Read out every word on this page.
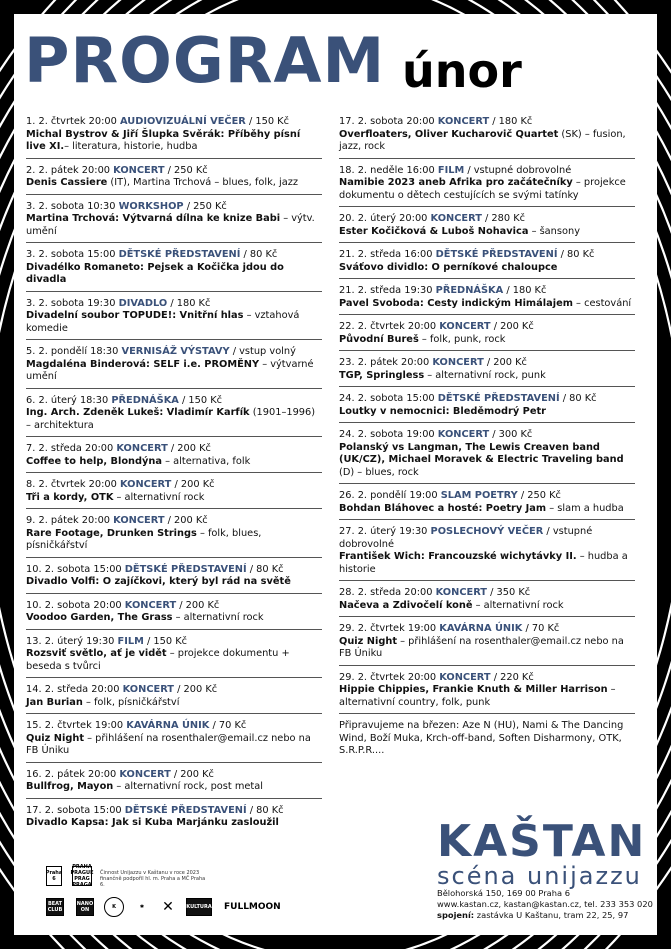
PROGRAM únor
1. 2. čtvrtek 20:00 AUDIOVIZUÁLNÍ VEČER / 150 Kč
Michal Bystrov & Jiří Šlupka Svěrák: Příběhy písní live XI.– literatura, historie, hudba
2. 2. pátek 20:00 KONCERT / 250 Kč
Denis Cassiere (IT), Martina Trchová – blues, folk, jazz
3. 2. sobota 10:30 WORKSHOP / 250 Kč
Martina Trchová: Výtvarná dílna ke knize Babi – výtv. umění
3. 2. sobota 15:00 DĚTSKÉ PŘEDSTAVENÍ / 80 Kč
Divadélko Romaneto: Pejsek a Kočička jdou do divadla
3. 2. sobota 19:30 DIVADLO / 180 Kč
Divadelní soubor TOPUDE!: Vnitřní hlas – vztahová komedie
5. 2. pondělí 18:30 VERNISÁŽ VÝSTAVY / vstup volný
Magdaléna Binderová: SELF i.e. PROMĚNY – výtvarné umění
6. 2. úterý 18:30 PŘEDNÁŠKA / 150 Kč
Ing. Arch. Zdeněk Lukeš: Vladimír Karfík (1901–1996) – architektura
7. 2. středa 20:00 KONCERT / 200 Kč
Coffee to help, Blondýna – alternativa, folk
8. 2. čtvrtek 20:00 KONCERT / 200 Kč
Tři a kordy, OTK – alternativní rock
9. 2. pátek 20:00 KONCERT / 200 Kč
Rare Footage, Drunken Strings – folk, blues, písničkářství
10. 2. sobota 15:00 DĚTSKÉ PŘEDSTAVENÍ / 80 Kč
Divadlo Volfi: O zajíčkovi, který byl rád na světě
10. 2. sobota 20:00 KONCERT / 200 Kč
Voodoo Garden, The Grass – alternativní rock
13. 2. úterý 19:30 FILM / 150 Kč
Rozsviť světlo, ať je vidět – projekce dokumentu + beseda s tvůrci
14. 2. středa 20:00 KONCERT / 200 Kč
Jan Burian – folk, písničkářství
15. 2. čtvrtek 19:00 KAVÁRNA ÚNIK / 70 Kč
Quiz Night – přihlášení na rosenthaler@email.cz nebo na FB Úniku
16. 2. pátek 20:00 KONCERT / 200 Kč
Bullfrog, Mayon – alternativní rock, post metal
17. 2. sobota 15:00 DĚTSKÉ PŘEDSTAVENÍ / 80 Kč
Divadlo Kapsa: Jak si Kuba Marjánku zasloužil
17. 2. sobota 20:00 KONCERT / 180 Kč
Overfloaters, Oliver Kucharovič Quartet (SK) – fusion, jazz, rock
18. 2. neděle 16:00 FILM / vstupné dobrovolné
Namibie 2023 aneb Afrika pro začátečníky – projekce dokumentu o dětech cestujících se svými tatínky
20. 2. úterý 20:00 KONCERT / 280 Kč
Ester Kočičková & Luboš Nohavica – šansony
21. 2. středa 16:00 DĚTSKÉ PŘEDSTAVENÍ / 80 Kč
Sváťovo dividlo: O perníkové chaloupce
21. 2. středa 19:30 PŘEDNÁŠKA / 180 Kč
Pavel Svoboda: Cesty indickým Himálajem – cestování
22. 2. čtvrtek 20:00 KONCERT / 200 Kč
Původní Bureš – folk, punk, rock
23. 2. pátek 20:00 KONCERT / 200 Kč
TGP, Springless – alternativní rock, punk
24. 2. sobota 15:00 DĚTSKÉ PŘEDSTAVENÍ / 80 Kč
Loutky v nemocnici: Bleděmodrý Petr
24. 2. sobota 19:00 KONCERT / 300 Kč
Polanský vs Langman, The Lewis Creaven band (UK/CZ), Michael Moravek & Electric Traveling band (D) – blues, rock
26. 2. pondělí 19:00 SLAM POETRY / 250 Kč
Bohdan Bláhovec a hosté: Poetry Jam – slam a hudba
27. 2. úterý 19:30 POSLECHOVÝ VEČER / vstupné dobrovolné
František Wich: Francouzské wichytávky II. – hudba a historie
28. 2. středa 20:00 KONCERT / 350 Kč
Načeva a Zdivočelí koně – alternativní rock
29. 2. čtvrtek 19:00 KAVÁRNA ÚNIK / 70 Kč
Quiz Night – přihlášení na rosenthaler@email.cz nebo na FB Úniku
29. 2. čtvrtek 20:00 KONCERT / 220 Kč
Hippie Chippies, Frankie Knuth & Miller Harrison – alternativní country, folk, punk
Připravujeme na březen: Aze N (HU), Nami & The Dancing Wind, Boží Muka, Krch-off-band, Soften Disharmony, OTK, S.R.P.R....
KAŠTAN
scéna unijazzu
Bělohorská 150, 169 00 Praha 6
www.kastan.cz, kastan@kastan.cz, tel. 233 353 020
spojení: zastávka U Kaštanu, tram 22, 25, 97
Praha 6
PRAHA PRAGUE PRAG PRAGA
BEAT CLUB
NANO ON	K	✱	✕	KULTURA FULLMOON
Činnost Unijazzu v Kaštanu v roce 2023 finančně podpořil hl. m. Praha a MČ Praha 6.
